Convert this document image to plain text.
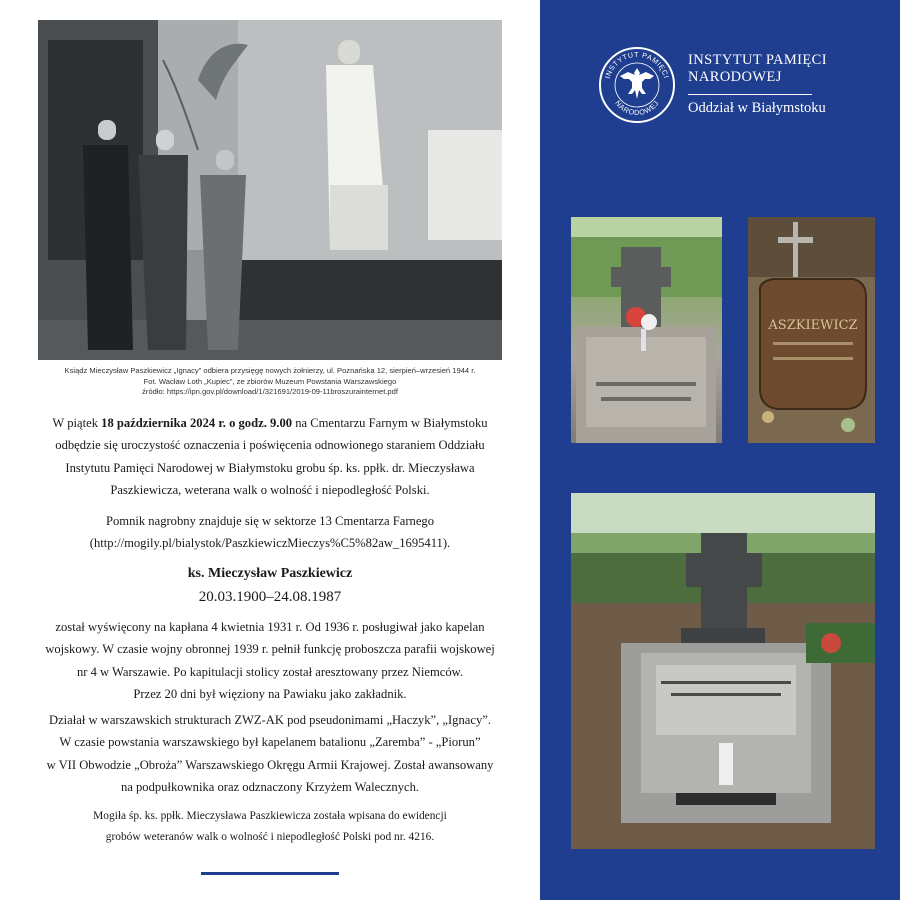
Ksiądz Mieczysław Paszkiewicz „Ignacy” odbiera przysięgę nowych żołnierzy, ul. Poznańska 12, sierpień–wrzesień 1944 r.
Fot. Wacław Loth „Kupiec”, ze zbiorów Muzeum Powstania Warszawskiego
źródło: https://ipn.gov.pl/download/1/321691/2019-09-11broszurainternet.pdf
W piątek 18 października 2024 r. o godz. 9.00 na Cmentarzu Farnym w Białymstoku
odbędzie się uroczystość oznaczenia i poświęcenia odnowionego staraniem Oddziału
Instytutu Pamięci Narodowej w Białymstoku grobu śp. ks. ppłk. dr. Mieczysława
Paszkiewicza, weterana walk o wolność i niepodległość Polski.
Pomnik nagrobny znajduje się w sektorze 13 Cmentarza Farnego
(http://mogily.pl/bialystok/PaszkiewiczMieczys%C5%82aw_1695411).
ks. Mieczysław Paszkiewicz
20.03.1900–24.08.1987
został wyświęcony na kapłana 4 kwietnia 1931 r. Od 1936 r. posługiwał jako kapelan
wojskowy. W czasie wojny obronnej 1939 r. pełnił funkcję proboszcza parafii wojskowej
nr 4 w Warszawie. Po kapitulacji stolicy został aresztowany przez Niemców.
Przez 20 dni był więziony na Pawiaku jako zakładnik.
Działał w warszawskich strukturach ZWZ-AK pod pseudonimami „Haczyk”, „Ignacy”.
W czasie powstania warszawskiego był kapelanem batalionu „Zaremba” - „Piorun”
w VII Obwodzie „Obroża” Warszawskiego Okręgu Armii Krajowej. Został awansowany
na podpułkownika oraz odznaczony Krzyżem Walecznych.
Mogiła śp. ks. ppłk. Mieczysława Paszkiewicza została wpisana do ewidencji
grobów weteranów walk o wolność i niepodległość Polski pod nr. 4216.
INSTYTUT PAMIĘCI
NARODOWEJ
INSTYTUT PAMIĘCI
NARODOWEJ
Oddział w Białymstoku
ASZKIEWICZ
